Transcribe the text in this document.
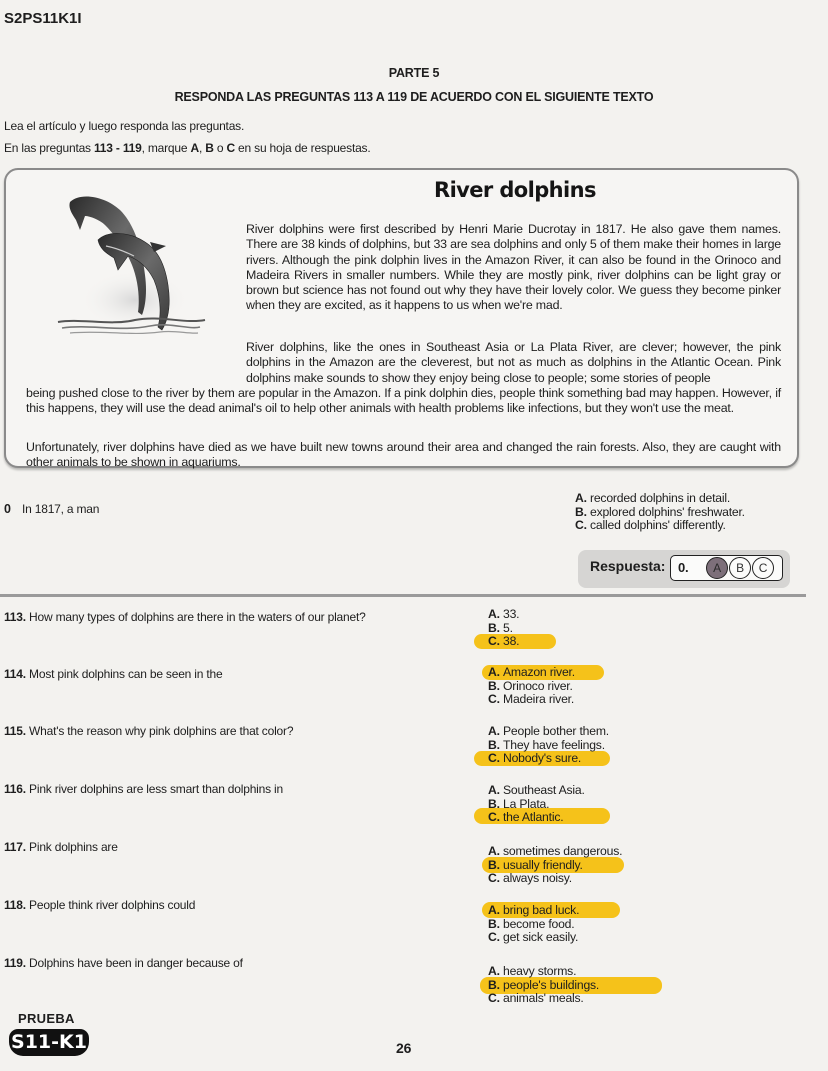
S2PS11K1I
PARTE 5
RESPONDA LAS PREGUNTAS 113 A 119 DE ACUERDO CON EL SIGUIENTE TEXTO
Lea el artículo y luego responda las preguntas.
En las preguntas 113 - 119, marque A, B o C en su hoja de respuestas.
River dolphins
River dolphins were first described by Henri Marie Ducrotay in 1817. He also gave them names. There are 38 kinds of dolphins, but 33 are sea dolphins and only 5 of them make their homes in large rivers. Although the pink dolphin lives in the Amazon River, it can also be found in the Orinoco and Madeira Rivers in smaller numbers. While they are mostly pink, river dolphins can be light gray or brown but science has not found out why they have their lovely color. We guess they become pinker when they are excited, as it happens to us when we're mad.
River dolphins, like the ones in Southeast Asia or La Plata River, are clever; however, the pink dolphins in the Amazon are the cleverest, but not as much as dolphins in the Atlantic Ocean. Pink dolphins make sounds to show they enjoy being close to people; some stories of people
being pushed close to the river by them are popular in the Amazon. If a pink dolphin dies, people think something bad may happen. However, if this happens, they will use the dead animal's oil to help other animals with health problems like infections, but they won't use the meat.
Unfortunately, river dolphins have died as we have built new towns around their area and changed the rain forests. Also, they are caught with other animals to be shown in aquariums.
0 In 1817, a man
A. recorded dolphins in detail.
B. explored dolphins' freshwater.
C. called dolphins' differently.
Respuesta: 0.	A	B	C
113. How many types of dolphins are there in the waters of our planet?	A. 33.
B. 5.
C. 38.
114. Most pink dolphins can be seen in the	A. Amazon river.
B. Orinoco river.
C. Madeira river.
115. What's the reason why pink dolphins are that color?	A. People bother them.
B. They have feelings.
C. Nobody's sure.
116. Pink river dolphins are less smart than dolphins in	A. Southeast Asia.
B. La Plata.
C. the Atlantic.
117. Pink dolphins are	A. sometimes dangerous.
B. usually friendly.
C. always noisy.
118. People think river dolphins could	A. bring bad luck.
B. become food.
C. get sick easily.
119. Dolphins have been in danger because of
A. heavy storms.
B. people's buildings.
C. animals' meals.
PRUEBA
S11-K1	26
